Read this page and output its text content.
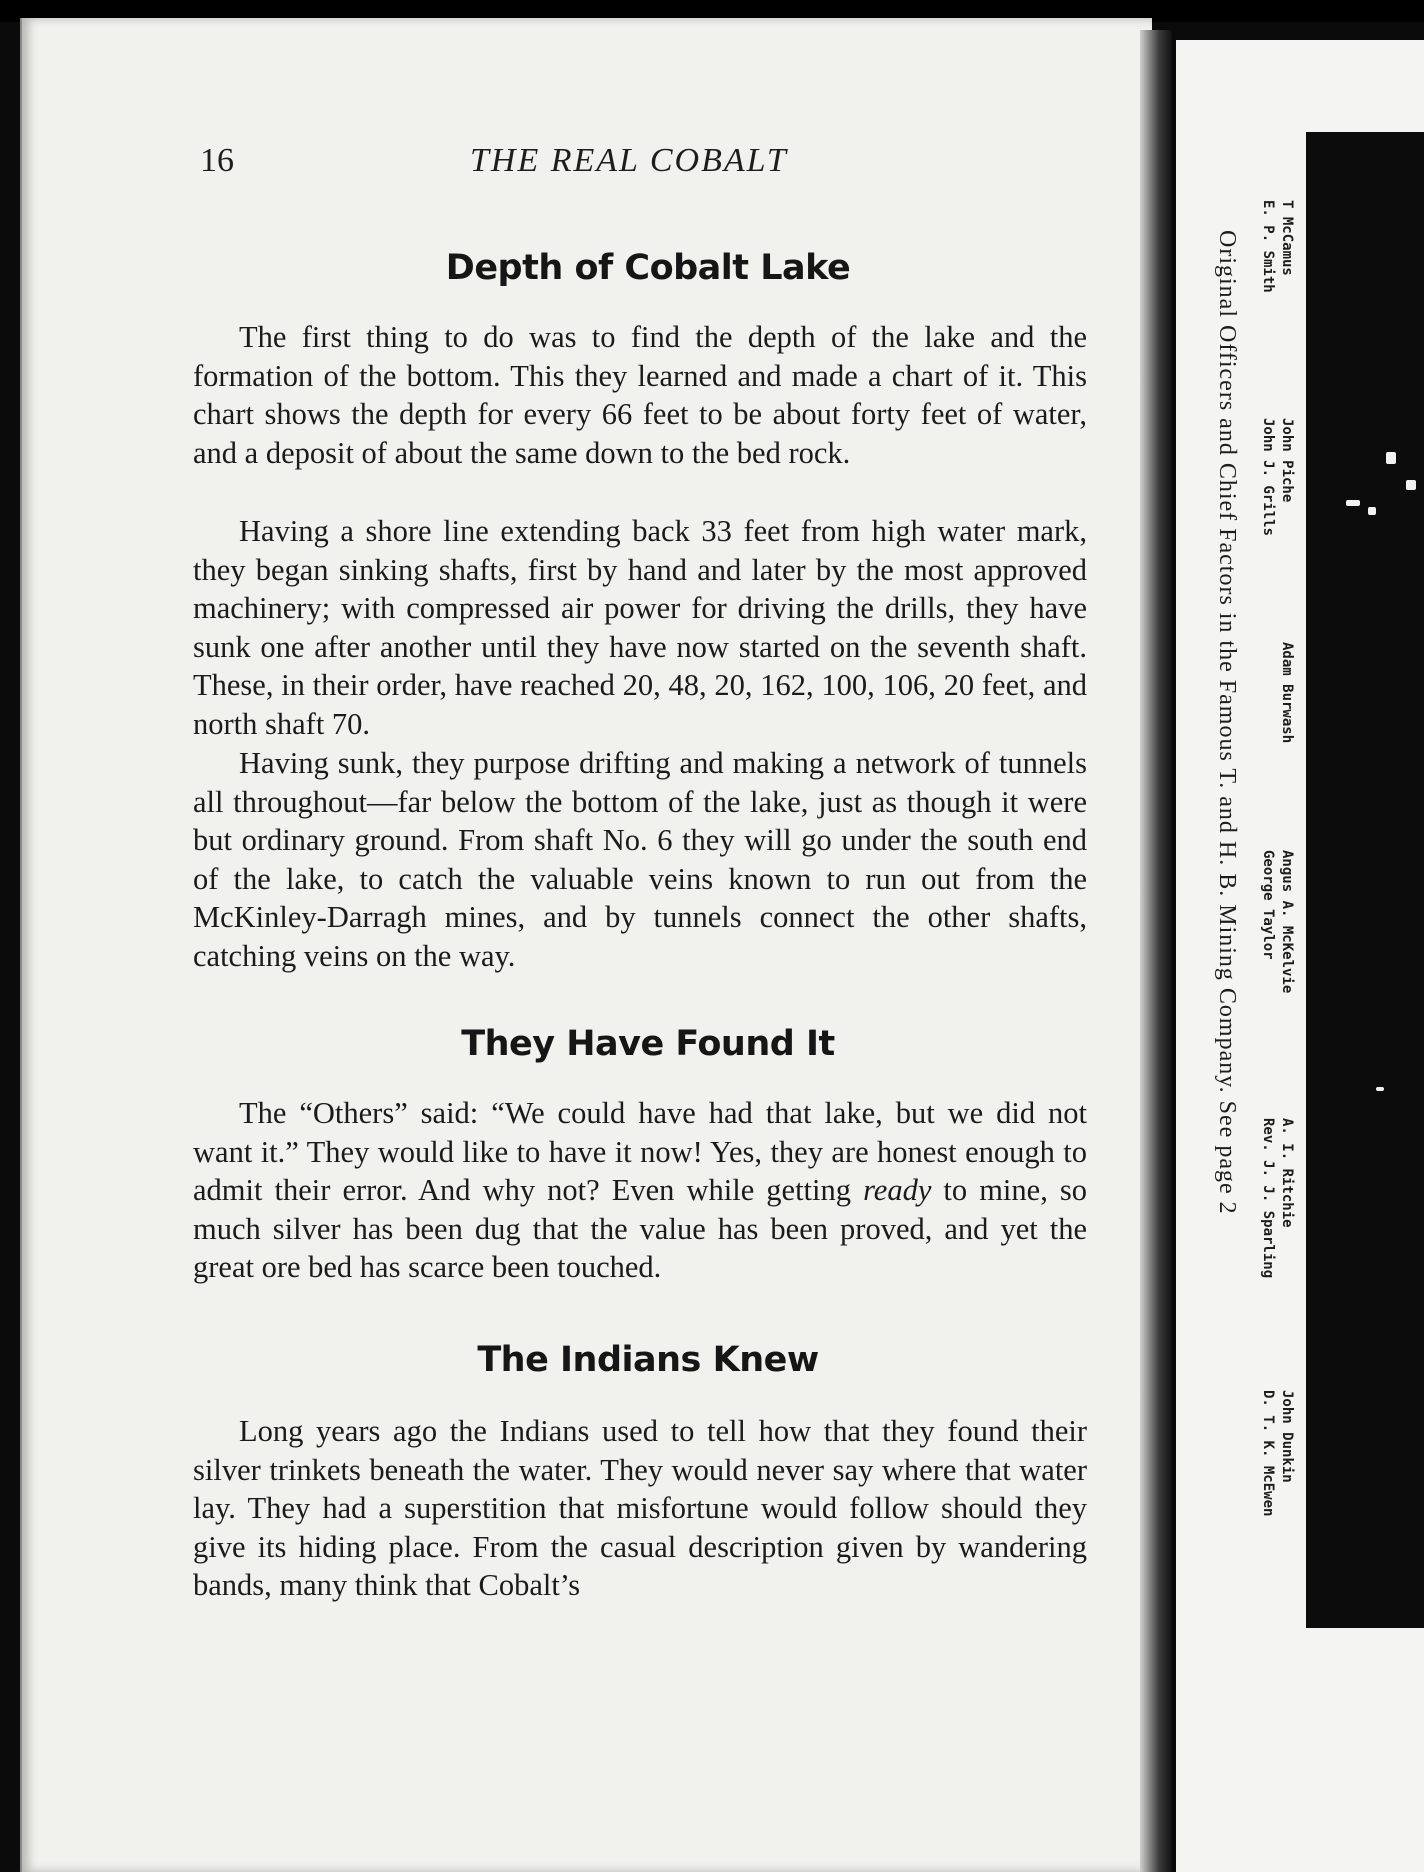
16	THE REAL COBALT
Depth of Cobalt Lake

The first thing to do was to find the depth of the lake and the formation of the bottom. This they learned and made a chart of it. This chart shows the depth for every 66 feet to be about forty feet of water, and a deposit of about the same down to the bed rock.

Having a shore line extending back 33 feet from high water mark, they began sinking shafts, first by hand and later by the most approved machinery; with compressed air power for driving the drills, they have sunk one after another until they have now started on the seventh shaft. These, in their order, have reached 20, 48, 20, 162, 100, 106, 20 feet, and north shaft 70.

Having sunk, they purpose drifting and making a network of tunnels all throughout—far below the bottom of the lake, just as though it were but ordinary ground. From shaft No. 6 they will go under the south end of the lake, to catch the valuable veins known to run out from the McKinley-Darragh mines, and by tunnels connect the other shafts, catching veins on the way.

They Have Found It

The “Others” said: “We could have had that lake, but we did not want it.” They would like to have it now! Yes, they are honest enough to admit their error. And why not? Even while getting ready to mine, so much silver has been dug that the value has been proved, and yet the great ore bed has scarce been touched.

The Indians Knew

Long years ago the Indians used to tell how that they found their silver trinkets beneath the water. They would never say where that water lay. They had a superstition that misfortune would follow should they give its hiding place. From the casual description given by wandering bands, many think that Cobalt’s

Original Officers and Chief Factors in the Famous T. and H. B. Mining Company. See page 2	T McCamus
E. P. Smith
John Piche
John J. Grills
Adam Burwash
Angus A. McKelvie
George Taylor
A. I. Ritchie
Rev. J. J. Sparling
John Dunkin
D. T. K. McEwen
